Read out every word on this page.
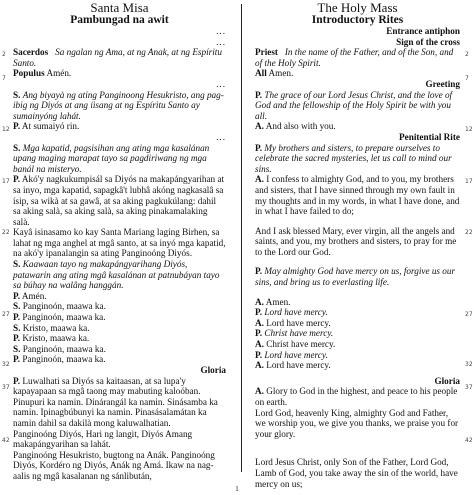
2
7
12
17
22
27
32
37
42
2
7
12
17
22
27
32
37
42
Santa Misa
Pambungad na awit
...
...

Sacerdos Sa ngalan ng Ama, at ng Anak, at ng Espíritu Santo.

Populus Amén.

...

S. Ang biyayà ng ating Panginoong Hesukristo, ang pag-ibig ng Diyós at ang íisang at ng Espíritu Santo ay sumainyóng lahát.

P. At sumaiyó rin.

...

S. Mga kapatid, pagsisihan ang ating mga kasalánan upang maging marapat tayo sa pagdiriwang ng mga banál na misteryo.

P. Akó'y nagkukumpisál sa Diyós na makapángyarihan at sa inyo, mga kapatid, sapagkâ't lubhâ akóng nagkasalâ sa ísip, sa wikà at sa gawâ, at sa aking pagkukúlang: dahil sa aking salà, sa aking salà, sa aking pinakamalaking salà.

Kayâ isinasamo ko kay Santa Mariang laging Birhen, sa lahat ng mga anghel at mgâ santo, at sa inyó mga kapatid, na akó'y ipanalangin sa ating Panginoóng Diyós.

S. Kaawaan tayo ng makapángyarihang Diyós, patawarin ang ating mgâ kasalánan at patnubáyan tayo sa búhay na walâng hanggán.

P. Amén.

S. Panginoón, maawa ka.

P. Panginoón, maawa ka.

S. Kristo, maawa ka.

P. Kristo, maawa ka.

S. Panginoón, maawa ka.

P. Panginoón, maawa ka.

Gloria

P. Luwalhati sa Diyós sa kaitaasan, at sa lupa'y kapayapaan sa mgâ taong may mabuting kaloóban.

Pinupuri ka namin. Dinárangál ka namin. Sinásamba ka namin. Ipinagbúbunyi ka namin. Pinasásalamátan ka namin dahil sa dakilà mong kaluwalhatian.

Panginoóng Diyós, Hari ng langit, Diyós Amang makapángyarihan sa lahát.

Panginoóng Hesukristo, bugtong na Anák. Panginoóng Diyós, Kordéro ng Diyós, Anák ng Amá. Ikaw na nag-aalis ng mgâ kasalanan ng sánlibután,

The Holy Mass
Introductory Rites
Entrance antiphon
Sign of the cross

Priest In the name of the Father, and of the Son, and of the Holy Spirit.

All Amen.

Greeting

P. The grace of our Lord Jesus Christ, and the love of God and the fellowship of the Holy Spirit be with you all.

A. And also with you.

Penitential Rite

P. My brothers and sisters, to prepare ourselves to celebrate the sacred mysteries, let us call to mind our sins.

A. I confess to almighty God, and to you, my brothers and sisters, that I have sinned through my own fault in my thoughts and in my words, in what I have done, and in what I have failed to do;

And I ask blessed Mary, ever virgin, all the angels and saints, and you, my brothers and sisters, to pray for me to the Lord our God.

P. May almighty God have mercy on us, forgive us our sins, and bring us to everlasting life.

A. Amen.

P. Lord have mercy.

A. Lord have mercy.

P. Christ have mercy.

A. Christ have mercy.

P. Lord have mercy.

A. Lord have mercy.

Gloria

A. Glory to God in the highest, and peace to his people on earth.

Lord God, heavenly King, almighty God and Father, we worship you, we give you thanks, we praise you for your glory.

Lord Jesus Christ, only Son of the Father, Lord God, Lamb of God, you take away the sin of the world, have mercy on us;

1
